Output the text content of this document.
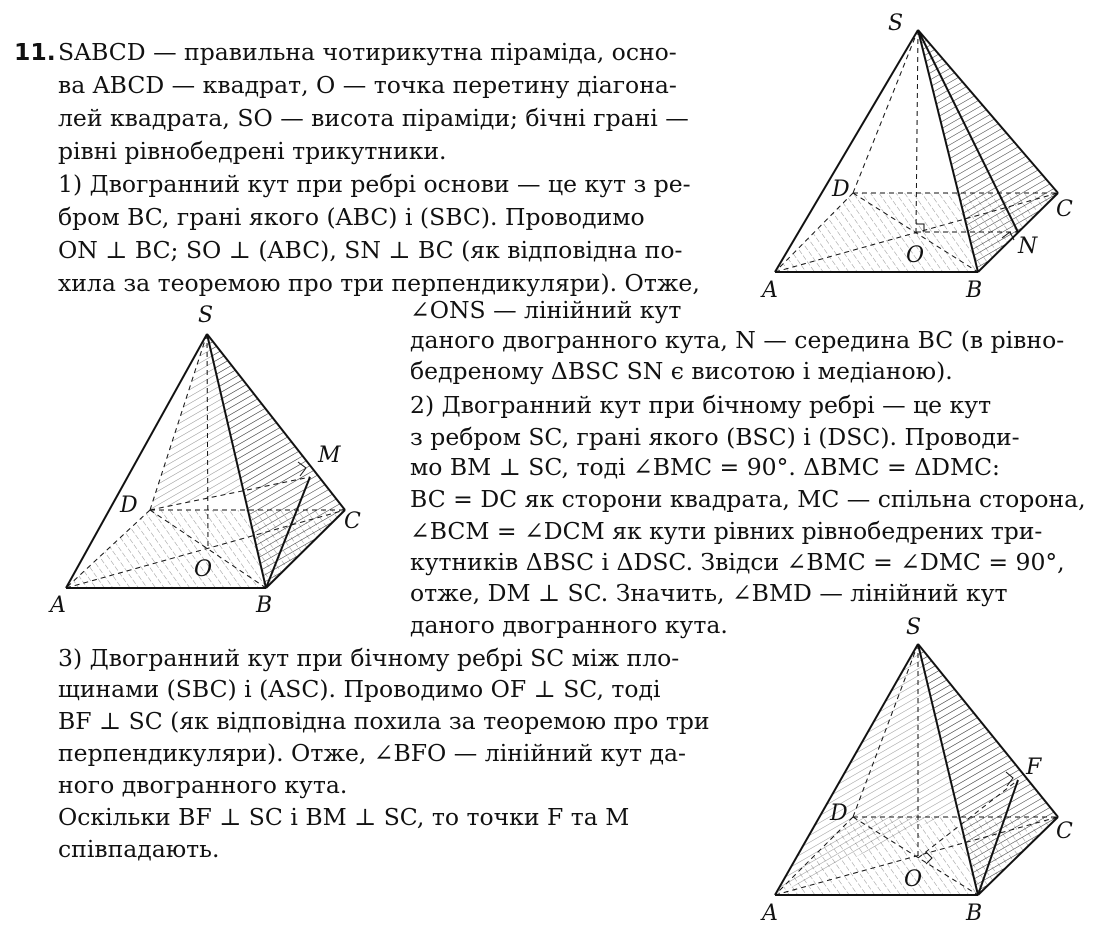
11. SABCD — правильна чотирикутна піраміда, осно-
ва ABCD — квадрат, O — точка перетину діагона-
лей квадрата, SO — висота піраміди; бічні грані —
рівні рівнобедрені трикутники.
1) Двогранний кут при ребрі основи — це кут з ре-
бром BC, грані якого (ABC) і (SBC). Проводимо
ON ⊥ BC; SO ⊥ (ABC), SN ⊥ BC (як відповідна по-
хила за теоремою про три перпендикуляри). Отже,
∠ONS — лінійний кут
даного двогранного кута, N — середина BC (в рівно-
бедреному ΔBSC SN є висотою і медіаною).
2) Двогранний кут при бічному ребрі — це кут
з ребром SC, грані якого (BSC) і (DSC). Проводи-
мо BM ⊥ SC, тоді ∠BMC = 90°. ΔBMC = ΔDMC:
BC = DC як сторони квадрата, MC — спільна сторона,
∠BCM = ∠DCM як кути рівних рівнобедрених три-
кутників ΔBSC і ΔDSC. Звідси ∠BMC = ∠DMC = 90°,
отже, DM ⊥ SC. Значить, ∠BMD — лінійний кут
даного двогранного кута.
3) Двогранний кут при бічному ребрі SC між пло-
щинами (SBC) і (ASC). Проводимо OF ⊥ SC, тоді
BF ⊥ SC (як відповідна похила за теоремою про три
перпендикуляри). Отже, ∠BFO — лінійний кут да-
ного двогранного кута.
Оскільки BF ⊥ SC і BM ⊥ SC, то точки F та M
співпадають.
S
A	B
C
D
O	N
S
A	B
C
D
O
M
S
A	B
C
D
O
F
